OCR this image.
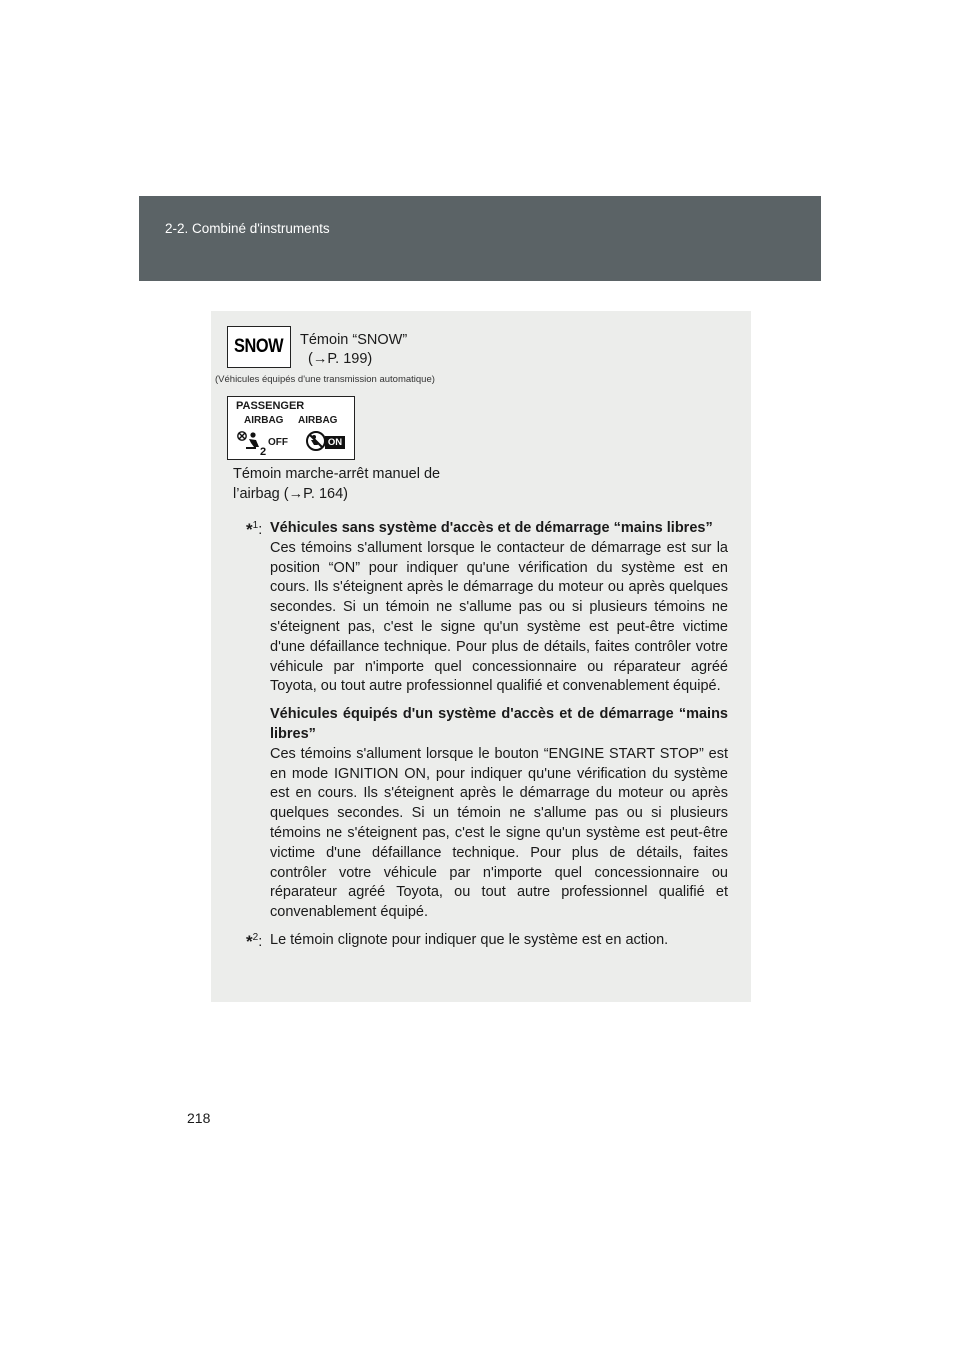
2-2. Combiné d'instruments
SNOW Témoin “SNOW”
(→P. 199)
(Véhicules équipés d'une transmission automatique)
PASSENGER
AIRBAG AIRBAG
2
OFF	ON
Témoin marche-arrêt manuel de
l’airbag (→P. 164)
*$^1$: Véhicules sans système d'accès et de démarrage “mains libres”
Ces témoins s'allument lorsque le contacteur de démarrage est sur la position “ON” pour indiquer qu'une vérification du système est en cours. Ils s'éteignent après le démarrage du moteur ou après quelques secondes. Si un témoin ne s'allume pas ou si plusieurs témoins ne s'éteignent pas, c'est le signe qu'un système est peut-être victime d'une défaillance technique. Pour plus de détails, faites contrôler votre véhicule par n'importe quel concessionnaire ou réparateur agréé Toyota, ou tout autre professionnel qualifié et convenablement équipé.
Véhicules équipés d'un système d'accès et de démarrage “mains libres”
Ces témoins s'allument lorsque le bouton “ENGINE START STOP” est en mode IGNITION ON, pour indiquer qu'une vérification du système est en cours. Ils s'éteignent après le démarrage du moteur ou après quelques secondes. Si un témoin ne s'allume pas ou si plusieurs témoins ne s'éteignent pas, c'est le signe qu'un système est peut-être victime d'une défaillance technique. Pour plus de détails, faites contrôler votre véhicule par n'importe quel concessionnaire ou réparateur agréé Toyota, ou tout autre professionnel qualifié et convenablement équipé.
*$^2$: Le témoin clignote pour indiquer que le système est en action.
218
